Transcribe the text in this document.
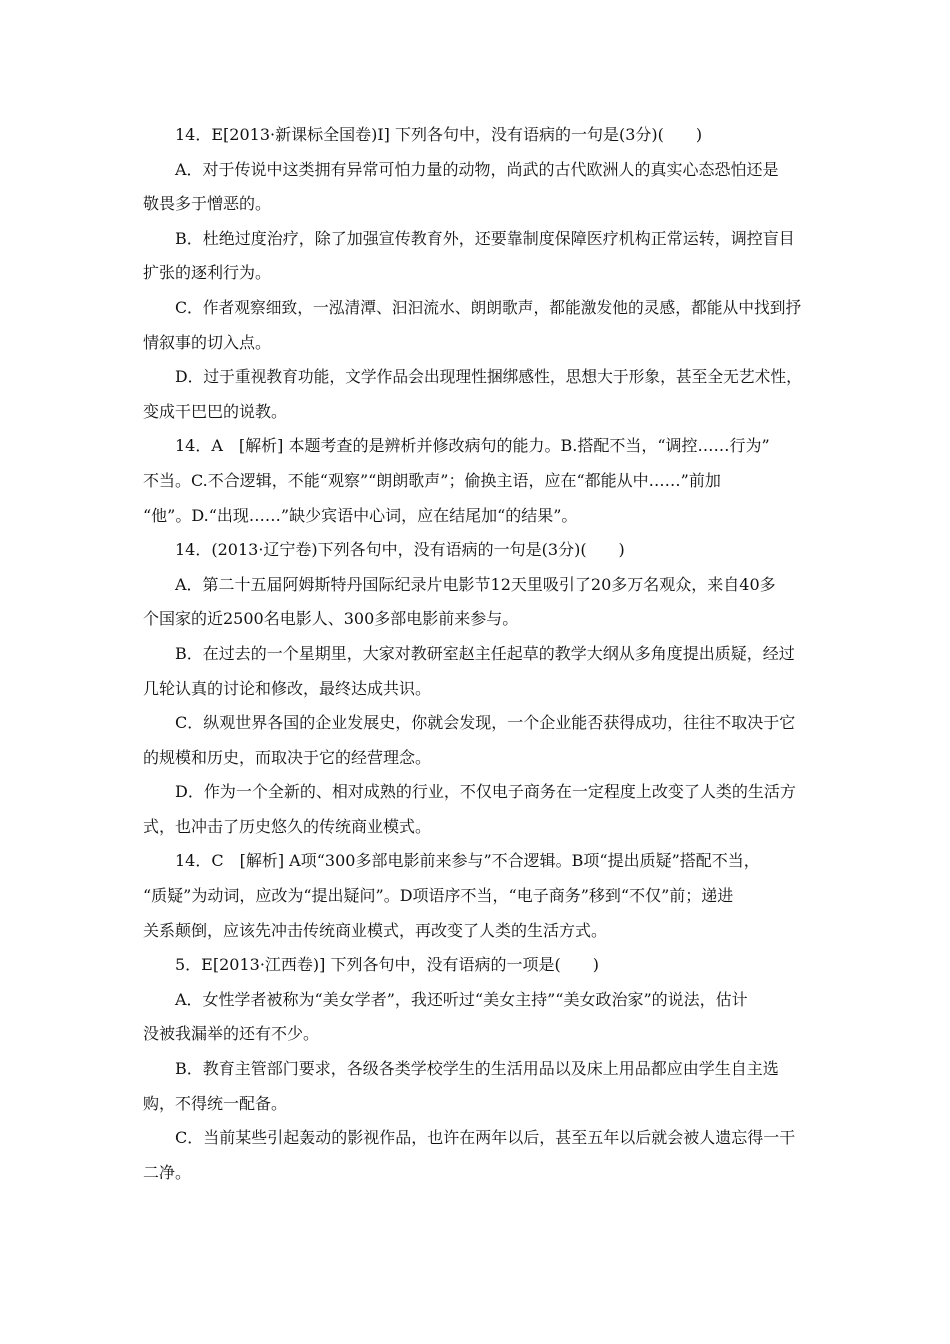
14．E[2013·新课标全国卷)Ⅰ] 下列各句中，没有语病的一句是(3分)(　　)
A．对于传说中这类拥有异常可怕力量的动物，尚武的古代欧洲人的真实心态恐怕还是
敬畏多于憎恶的。
B．杜绝过度治疗，除了加强宣传教育外，还要靠制度保障医疗机构正常运转，调控盲目
扩张的逐利行为。
C．作者观察细致，一泓清潭、汩汩流水、朗朗歌声，都能激发他的灵感，都能从中找到抒
情叙事的切入点。
D．过于重视教育功能，文学作品会出现理性捆绑感性，思想大于形象，甚至全无艺术性，
变成干巴巴的说教。
14．A　[解析] 本题考查的是辨析并修改病句的能力。B.搭配不当，“调控……行为”
不当。C.不合逻辑，不能“观察”“朗朗歌声”；偷换主语，应在“都能从中……”前加
“他”。D.“出现……”缺少宾语中心词，应在结尾加“的结果”。
14．(2013·辽宁卷)下列各句中，没有语病的一句是(3分)(　　)
A．第二十五届阿姆斯特丹国际纪录片电影节12天里吸引了20多万名观众，来自40多
个国家的近2500名电影人、300多部电影前来参与。
B．在过去的一个星期里，大家对教研室赵主任起草的教学大纲从多角度提出质疑，经过
几轮认真的讨论和修改，最终达成共识。
C．纵观世界各国的企业发展史，你就会发现，一个企业能否获得成功，往往不取决于它
的规模和历史，而取决于它的经营理念。
D．作为一个全新的、相对成熟的行业，不仅电子商务在一定程度上改变了人类的生活方
式，也冲击了历史悠久的传统商业模式。
14．C　[解析] A项“300多部电影前来参与”不合逻辑。B项“提出质疑”搭配不当，
“质疑”为动词，应改为“提出疑问”。D项语序不当，“电子商务”移到“不仅”前；递进
关系颠倒，应该先冲击传统商业模式，再改变了人类的生活方式。
5．E[2013·江西卷)] 下列各句中，没有语病的一项是(　　)
A．女性学者被称为“美女学者”，我还听过“美女主持”“美女政治家”的说法，估计
没被我漏举的还有不少。
B．教育主管部门要求，各级各类学校学生的生活用品以及床上用品都应由学生自主选
购，不得统一配备。
C．当前某些引起轰动的影视作品，也许在两年以后，甚至五年以后就会被人遗忘得一干
二净。
